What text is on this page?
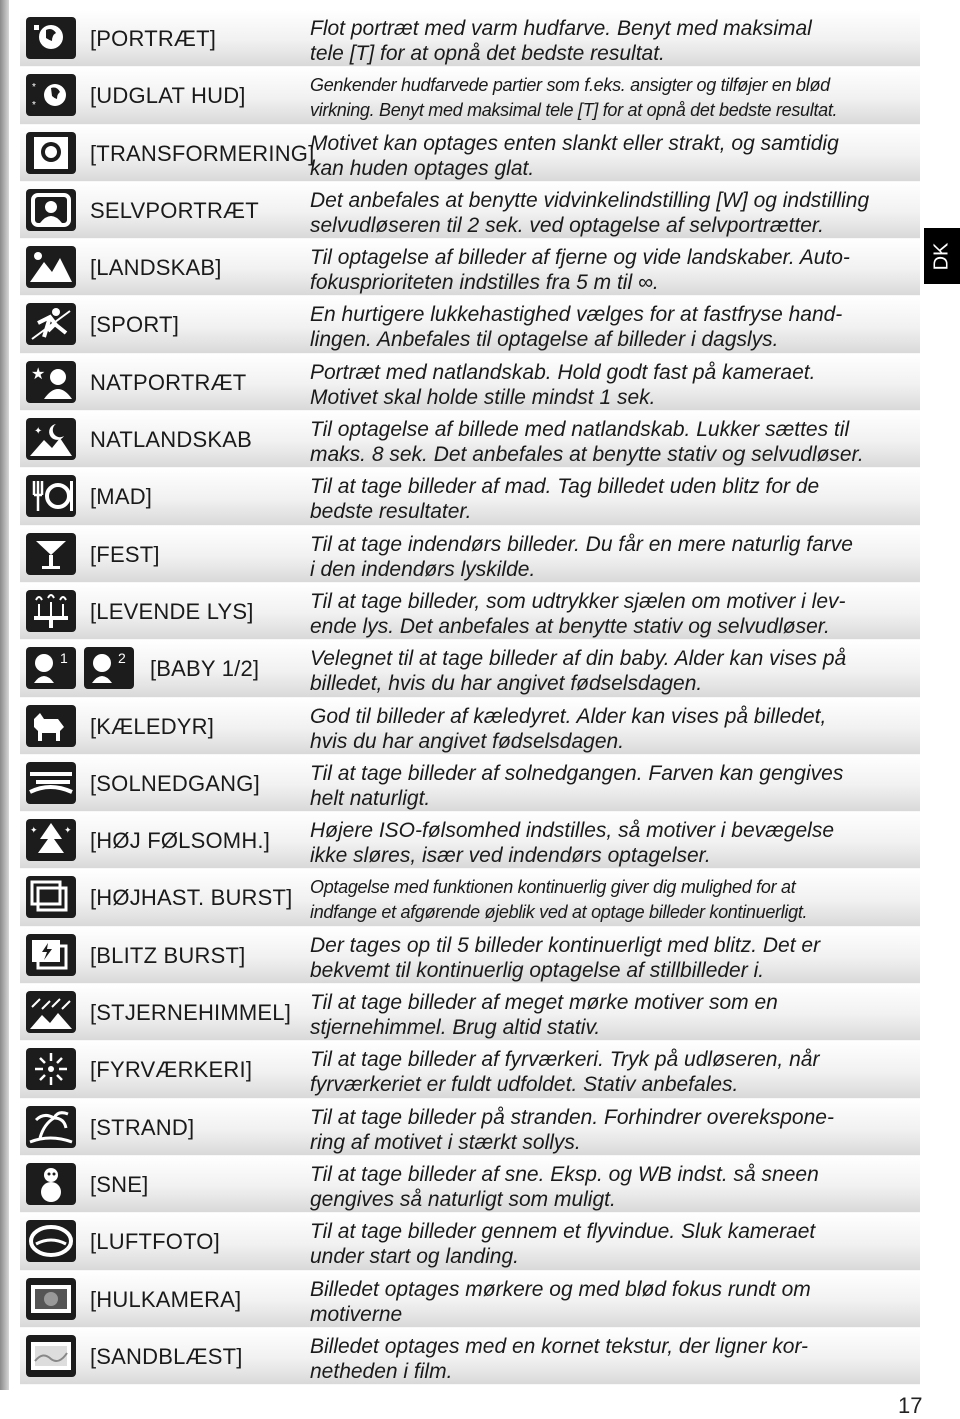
[PORTRÆT]	Flot portræt med varm hudfarve. Benyt med maksimal
tele [T] for at opnå det bedste resultat.
*
* [UDGLAT HUD]	Genkender hudfarvede partier som f.eks. ansigter og tilføjer en blød
virkning. Benyt med maksimal tele [T] for at opnå det bedste resultat.
[TRANSFORMERING]
Motivet kan optages enten slankt eller strakt, og samtidig
kan huden optages glat.
SELVPORTRÆT Det anbefales at benytte vidvinkelindstilling [W] og indstilling
selvudløseren til 2 sek. ved optagelse af selvportrætter.
[LANDSKAB]	Til optagelse af billeder af fjerne og vide landskaber. Auto-
fokusprioriteten indstilles fra 5 m til ∞.
[SPORT]	En hurtigere lukkehastighed vælges for at fastfryse hand-
lingen. Anbefales til optagelse af billeder i dagslys.
★ NATPORTRÆT	Portræt med natlandskab. Hold godt fast på kameraet.
Motivet skal holde stille mindst 1 sek.
✦ NATLANDSKAB	Til optagelse af billede med natlandskab. Lukker sættes til
maks. 8 sek. Det anbefales at benytte stativ og selvudløser.
[MAD]	Til at tage billeder af mad. Tag billedet uden blitz for de
bedste resultater.
[FEST]	Til at tage indendørs billeder. Du får en mere naturlig farve
i den indendørs lyskilde.
[LEVENDE LYS]	Til at tage billeder, som udtrykker sjælen om motiver i lev-
ende lys. Det anbefales at benytte stativ og selvudløser.
1	2 [BABY 1/2] Velegnet til at tage billeder af din baby. Alder kan vises på
billedet, hvis du har angivet fødselsdagen.
[KÆLEDYR]	God til billeder af kæledyret. Alder kan vises på billedet,
hvis du har angivet fødselsdagen.
[SOLNEDGANG] Til at tage billeder af solnedgangen. Farven kan gengives
helt naturligt.
✦	✦ [HØJ FØLSOMH.] Højere ISO-følsomhed indstilles, så motiver i bevægelse
ikke sløres, især ved indendørs optagelser.
[HØJHAST. BURST] Optagelse med funktionen kontinuerlig giver dig mulighed for at
indfange et afgørende øjeblik ved at optage billeder kontinuerligt.
[BLITZ BURST]	Der tages op til 5 billeder kontinuerligt med blitz. Det er
bekvemt til kontinuerlig optagelse af stillbilleder i.
[STJERNEHIMMEL] Til at tage billeder af meget mørke motiver som en
stjernehimmel. Brug altid stativ.
[FYRVÆRKERI]	Til at tage billeder af fyrværkeri. Tryk på udløseren, når
fyrværkeriet er fuldt udfoldet. Stativ anbefales.
[STRAND]	Til at tage billeder på stranden. Forhindrer overekspone-
ring af motivet i stærkt sollys.
[SNE]	Til at tage billeder af sne. Eksp. og WB indst. så sneen
gengives så naturligt som muligt.
[LUFTFOTO]	Til at tage billeder gennem et flyvindue. Sluk kameraet
under start og landing.
[HULKAMERA]	Billedet optages mørkere og med blød fokus rundt om
motiverne
[SANDBLÆST]	Billedet optages med en kornet tekstur, der ligner kor-
netheden i film.
DK
17
